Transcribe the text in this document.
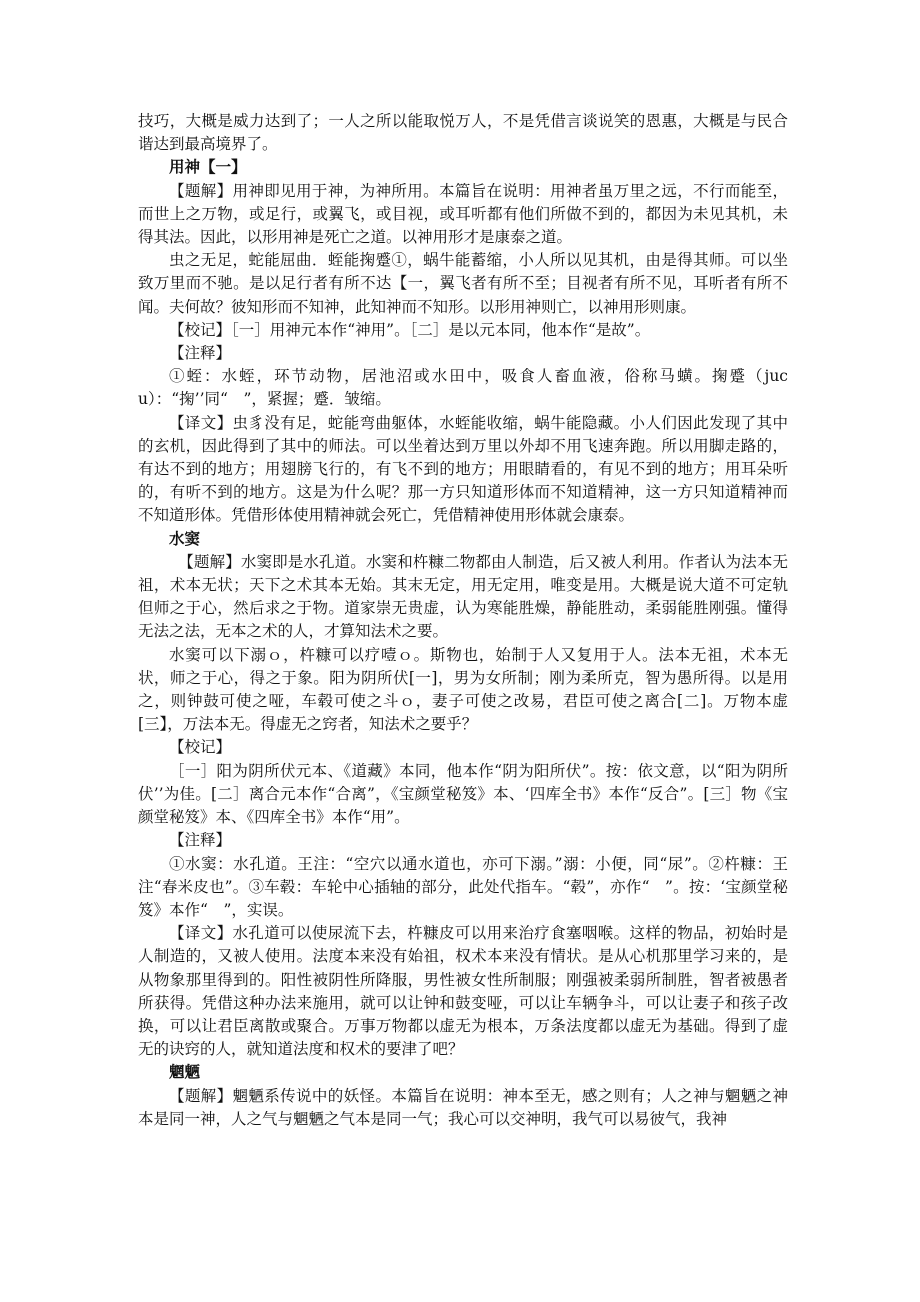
技巧，大概是威力达到了；一人之所以能取悦万人，不是凭借言谈说笑的恩惠，大概是与民合谐达到最高境界了。

用神【一】

【题解】用神即见用于神，为神所用。本篇旨在说明：用神者虽万里之远，不行而能至，而世上之万物，或足行，或翼飞，或目视，或耳听都有他们所做不到的，都因为未见其机，未得其法。因此，以形用神是死亡之道。以神用形才是康泰之道。

虫之无足，蛇能屈曲．蛭能掬蹙①，蜗牛能蓄缩，小人所以见其机，由是得其师。可以坐致万里而不驰。是以足行者有所不达【一，翼飞者有所不至；目视者有所不见，耳听者有所不闻。夫何故？彼知形而不知神，此知神而不知形。以形用神则亡，以神用形则康。

【校记】［一］用神元本作“神用”。［二］是以元本同，他本作“是故”。

【注释】

①蛭：水蛭，环节动物，居池沼或水田中，吸食人畜血液，俗称马蟥。掬蹙（jucu）：“掬’’同“ ”，紧握；蹙．皱缩。

【译文】虫豸没有足，蛇能弯曲躯体，水蛭能收缩，蜗牛能隐藏。小人们因此发现了其中的玄机，因此得到了其中的师法。可以坐着达到万里以外却不用飞速奔跑。所以用脚走路的，有达不到的地方；用翅膀飞行的，有飞不到的地方；用眼睛看的，有见不到的地方；用耳朵听的，有听不到的地方。这是为什么呢？那一方只知道形体而不知道精神，这一方只知道精神而不知道形体。凭借形体使用精神就会死亡，凭借精神使用形体就会康泰。

水窦

【题解】水窦即是水孔道。水窦和杵糠二物都由人制造，后又被人利用。作者认为法本无祖，术本无状；天下之术其本无始。其末无定，用无定用，唯变是用。大概是说大道不可定轨但师之于心，然后求之于物。道家崇无贵虚，认为寒能胜燥，静能胜动，柔弱能胜刚强。懂得无法之法，无本之术的人，才算知法术之要。

水窦可以下溺ｏ，杵糠可以疗噎ｏ。斯物也，始制于人又复用于人。法本无祖，术本无状，师之于心，得之于象。阳为阴所伏[一]，男为女所制；刚为柔所克，智为愚所得。以是用之，则钟鼓可使之哑，车毂可使之斗ｏ，妻子可使之改易，君臣可使之离合[二]。万物本虚[三】，万法本无。得虚无之窍者，知法术之要乎？

【校记】

［一］阳为阴所伏元本、《道藏》本同，他本作“阴为阳所伏”。按：依文意，以“阳为阴所伏’’为佳。[二］离合元本作“合离”，《宝颜堂秘笈》本、‘四库全书》本作“反合”。[三］物《宝颜堂秘笈》本、《四库全书》本作“用”。

【注释】

①水窦：水孔道。王注：“空穴以通水道也，亦可下溺。”溺：小便，同“尿”。②杵糠：王注“春米皮也”。③车毂：车轮中心插轴的部分，此处代指车。“毂”，亦作“ ”。按：‘宝颜堂秘笈》本作“ ”，实误。

【译文】水孔道可以使尿流下去，杵糠皮可以用来治疗食塞咽喉。这样的物品，初始时是人制造的，又被人使用。法度本来没有始祖，权术本来没有情状。是从心机那里学习来的，是从物象那里得到的。阳性被阴性所降服，男性被女性所制服；刚强被柔弱所制胜，智者被愚者所获得。凭借这种办法来施用，就可以让钟和鼓变哑，可以让车辆争斗，可以让妻子和孩子改换，可以让君臣离散或聚合。万事万物都以虚无为根本，万条法度都以虚无为基础。得到了虚无的诀窍的人，就知道法度和权术的要津了吧？

魍魉

【题解】魍魉系传说中的妖怪。本篇旨在说明：神本至无，感之则有；人之神与魍魉之神本是同一神，人之气与魍魉之气本是同一气；我心可以交神明，我气可以易彼气，我神
